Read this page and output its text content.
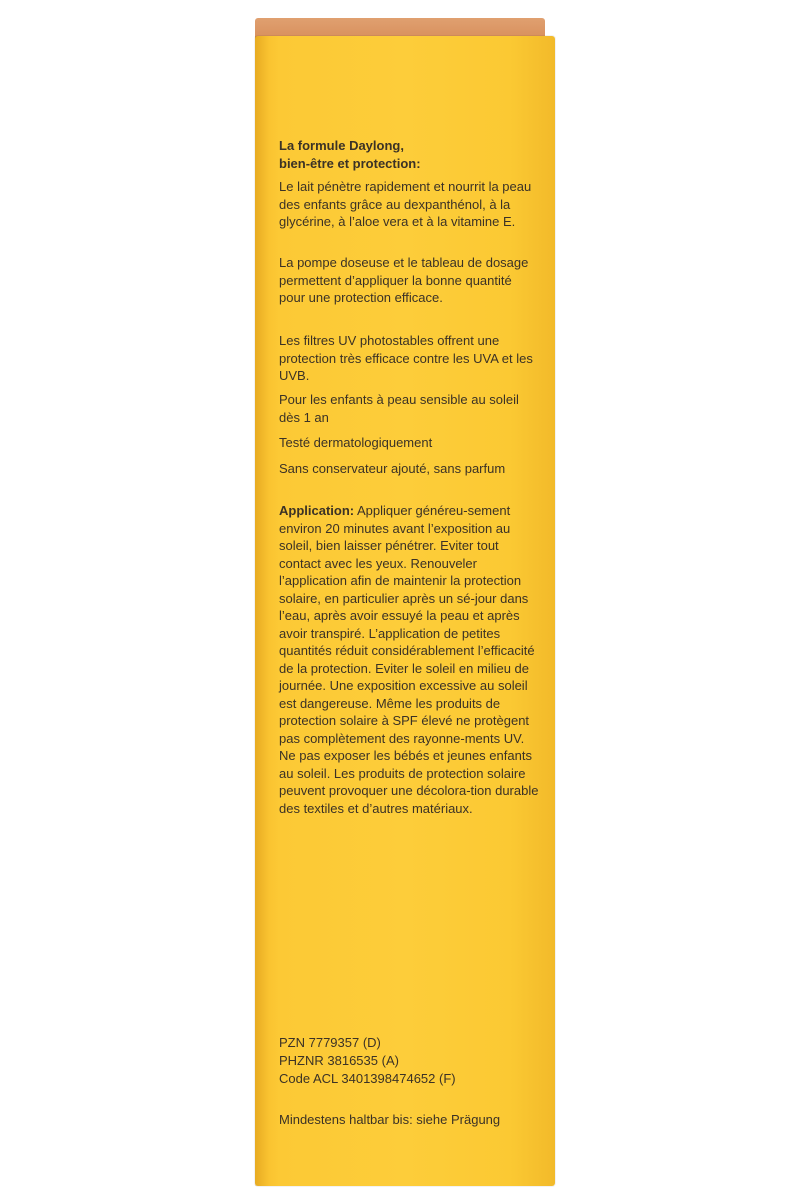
La formule Daylong,

bien-être et protection:

Le lait pénètre rapidement et nourrit la peau des enfants grâce au dexpanthénol, à la glycérine, à l’aloe vera et à la vitamine E.

La pompe doseuse et le tableau de dosage permettent d’appliquer la bonne quantité pour une protection efficace.

Les filtres UV photostables offrent une protection très efficace contre les UVA et les UVB.

Pour les enfants à peau sensible au soleil dès 1 an

Testé dermatologiquement

Sans conservateur ajouté, sans parfum

Application: Appliquer généreu-sement environ 20 minutes avant l’exposition au soleil, bien laisser pénétrer. Eviter tout contact avec les yeux. Renouveler l’application afin de maintenir la protection solaire, en particulier après un sé-jour dans l’eau, après avoir essuyé la peau et après avoir transpiré. L’application de petites quantités réduit considérablement l’efficacité de la protection. Eviter le soleil en milieu de journée. Une exposition excessive au soleil est dangereuse. Même les produits de protection solaire à SPF élevé ne protègent pas complètement des rayonne-ments UV. Ne pas exposer les bébés et jeunes enfants au soleil. Les produits de protection solaire peuvent provoquer une décolora-tion durable des textiles et d’autres matériaux.

PZN 7779357 (D)

PHZNR 3816535 (A)

Code ACL 3401398474652 (F)

Mindestens haltbar bis: siehe Prägung
